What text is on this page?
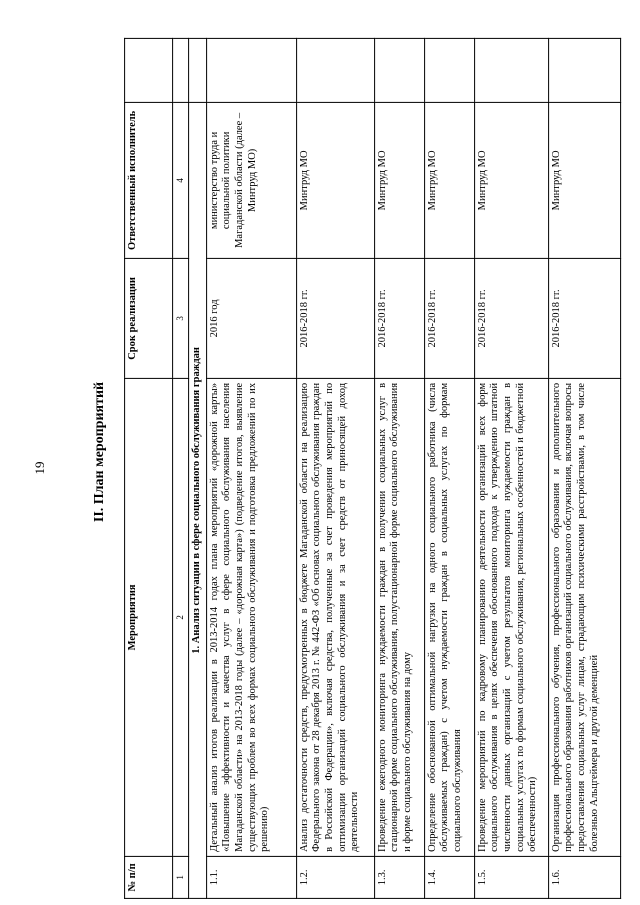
19	II. План мероприятий
№ п/п	Мероприятия	Срок реализации	Ответственный исполнитель	
1	2	3	4	
1. Анализ ситуации в сфере социального обслуживания граждан				
1.1.	Детальный анализ итогов реализации в 2013-2014 годах плана мероприятий «дорожной карты» «Повышение эффективности и качества услуг в сфере социального обслуживания населения Магаданской области» на 2013-2018 годы (далее – «дорожная карта») (подведение итогов, выявление существующих проблем во всех формах социального обслуживания и подготовка предложений по их решению)	2016 год	министерство труда и социальной политики Магаданской области (далее – Минтруд МО)	
1.2.	Анализ достаточности средств, предусмотренных в бюджете Магаданской области на реализацию Федерального закона от 28 декабря 2013 г. № 442-ФЗ «Об основах социального обслуживания граждан в Российской Федерации», включая средства, полученные за счет проведения мероприятий по оптимизации организаций социального обслуживания и за счет средств от приносящей доход деятельности	2016-2018 гг.	Минтруд МО	
1.3.	Проведение ежегодного мониторинга нуждаемости граждан в получении социальных услуг в стационарной форме социального обслуживания, полустационарной форме социального обслуживания и форме социального обслуживания на дому	2016-2018 гг.	Минтруд МО	
1.4.	Определение обоснованной оптимальной нагрузки на одного социального работника (числа обслуживаемых граждан) с учетом нуждаемости граждан в социальных услугах по формам социального обслуживания	2016-2018 гг.	Минтруд МО	
1.5.	Проведение мероприятий по кадровому планированию деятельности организаций всех форм социального обслуживания в целях обеспечения обоснованного подхода к утверждению штатной численности данных организаций с учетом результатов мониторинга нуждаемости граждан в социальных услугах по формам социального обслуживания, региональных особенностей и бюджетной обеспеченности)	2016-2018 гг.	Минтруд МО	
1.6.	Организация профессионального обучения, профессионального образования и дополнительного профессионального образования работников организаций социального обслуживания, включая вопросы предоставления социальных услуг лицам, страдающим психическими расстройствами, в том числе болезнью Альцгеймера и другой деменцией	2016-2018 гг.	Минтруд МО	
